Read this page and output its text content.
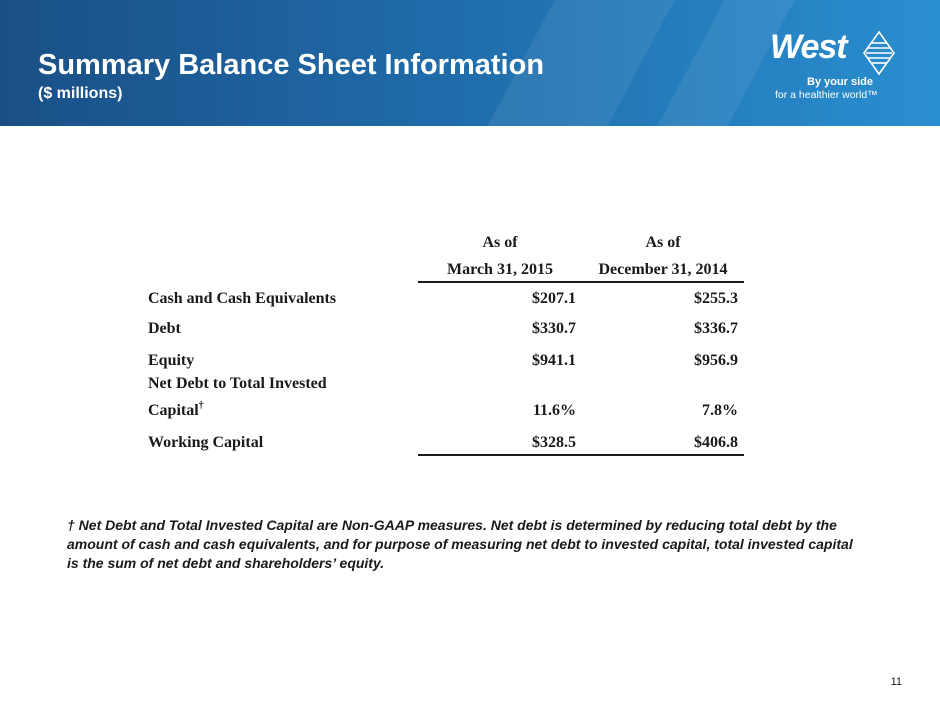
Summary Balance Sheet Information
($ millions)
West
By your side
for a healthier world™
As of
March 31, 2015
As of
December 31, 2014
Cash and Cash Equivalents	$207.1	$255.3
Debt	$330.7	$336.7
Equity	$941.1	$956.9
Net Debt to Total Invested
Capital†	11.6%	7.8%
Working Capital	$328.5	$406.8
† Net Debt and Total Invested Capital are Non-GAAP measures. Net debt is determined by reducing total debt by the amount of cash and cash equivalents, and for purpose of measuring net debt to invested capital, total invested capital is the sum of net debt and shareholders’ equity.
11
